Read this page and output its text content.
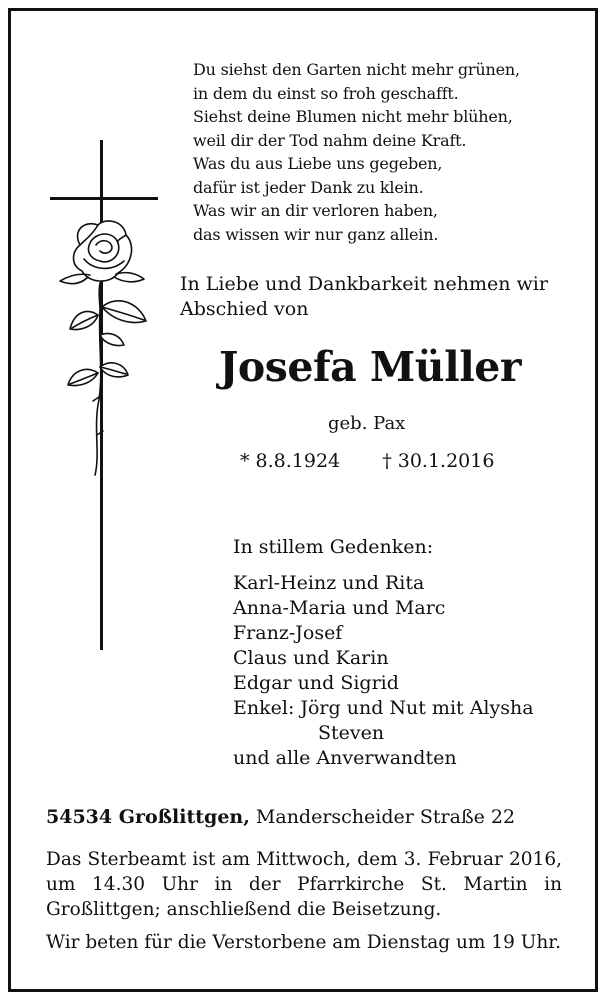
Du siehst den Garten nicht mehr grünen,
in dem du einst so froh geschafft.
Siehst deine Blumen nicht mehr blühen,
weil dir der Tod nahm deine Kraft.
Was du aus Liebe uns gegeben,
dafür ist jeder Dank zu klein.
Was wir an dir verloren haben,
das wissen wir nur ganz allein.
In Liebe und Dankbarkeit nehmen wir
Abschied von
Josefa Müller
geb. Pax
* 8.8.1924 † 30.1.2016
In stillem Gedenken:
Karl-Heinz und Rita
Anna-Maria und Marc
Franz-Josef
Claus und Karin
Edgar und Sigrid
Enkel: Jörg und Nut mit Alysha
Steven
und alle Anverwandten
54534 Großlittgen, Manderscheider Straße 22
Das Sterbeamt ist am Mittwoch, dem 3. Februar 2016, um 14.30 Uhr in der Pfarrkirche St. Martin in Großlittgen; anschließend die Beisetzung.
Wir beten für die Verstorbene am Dienstag um 19 Uhr.
